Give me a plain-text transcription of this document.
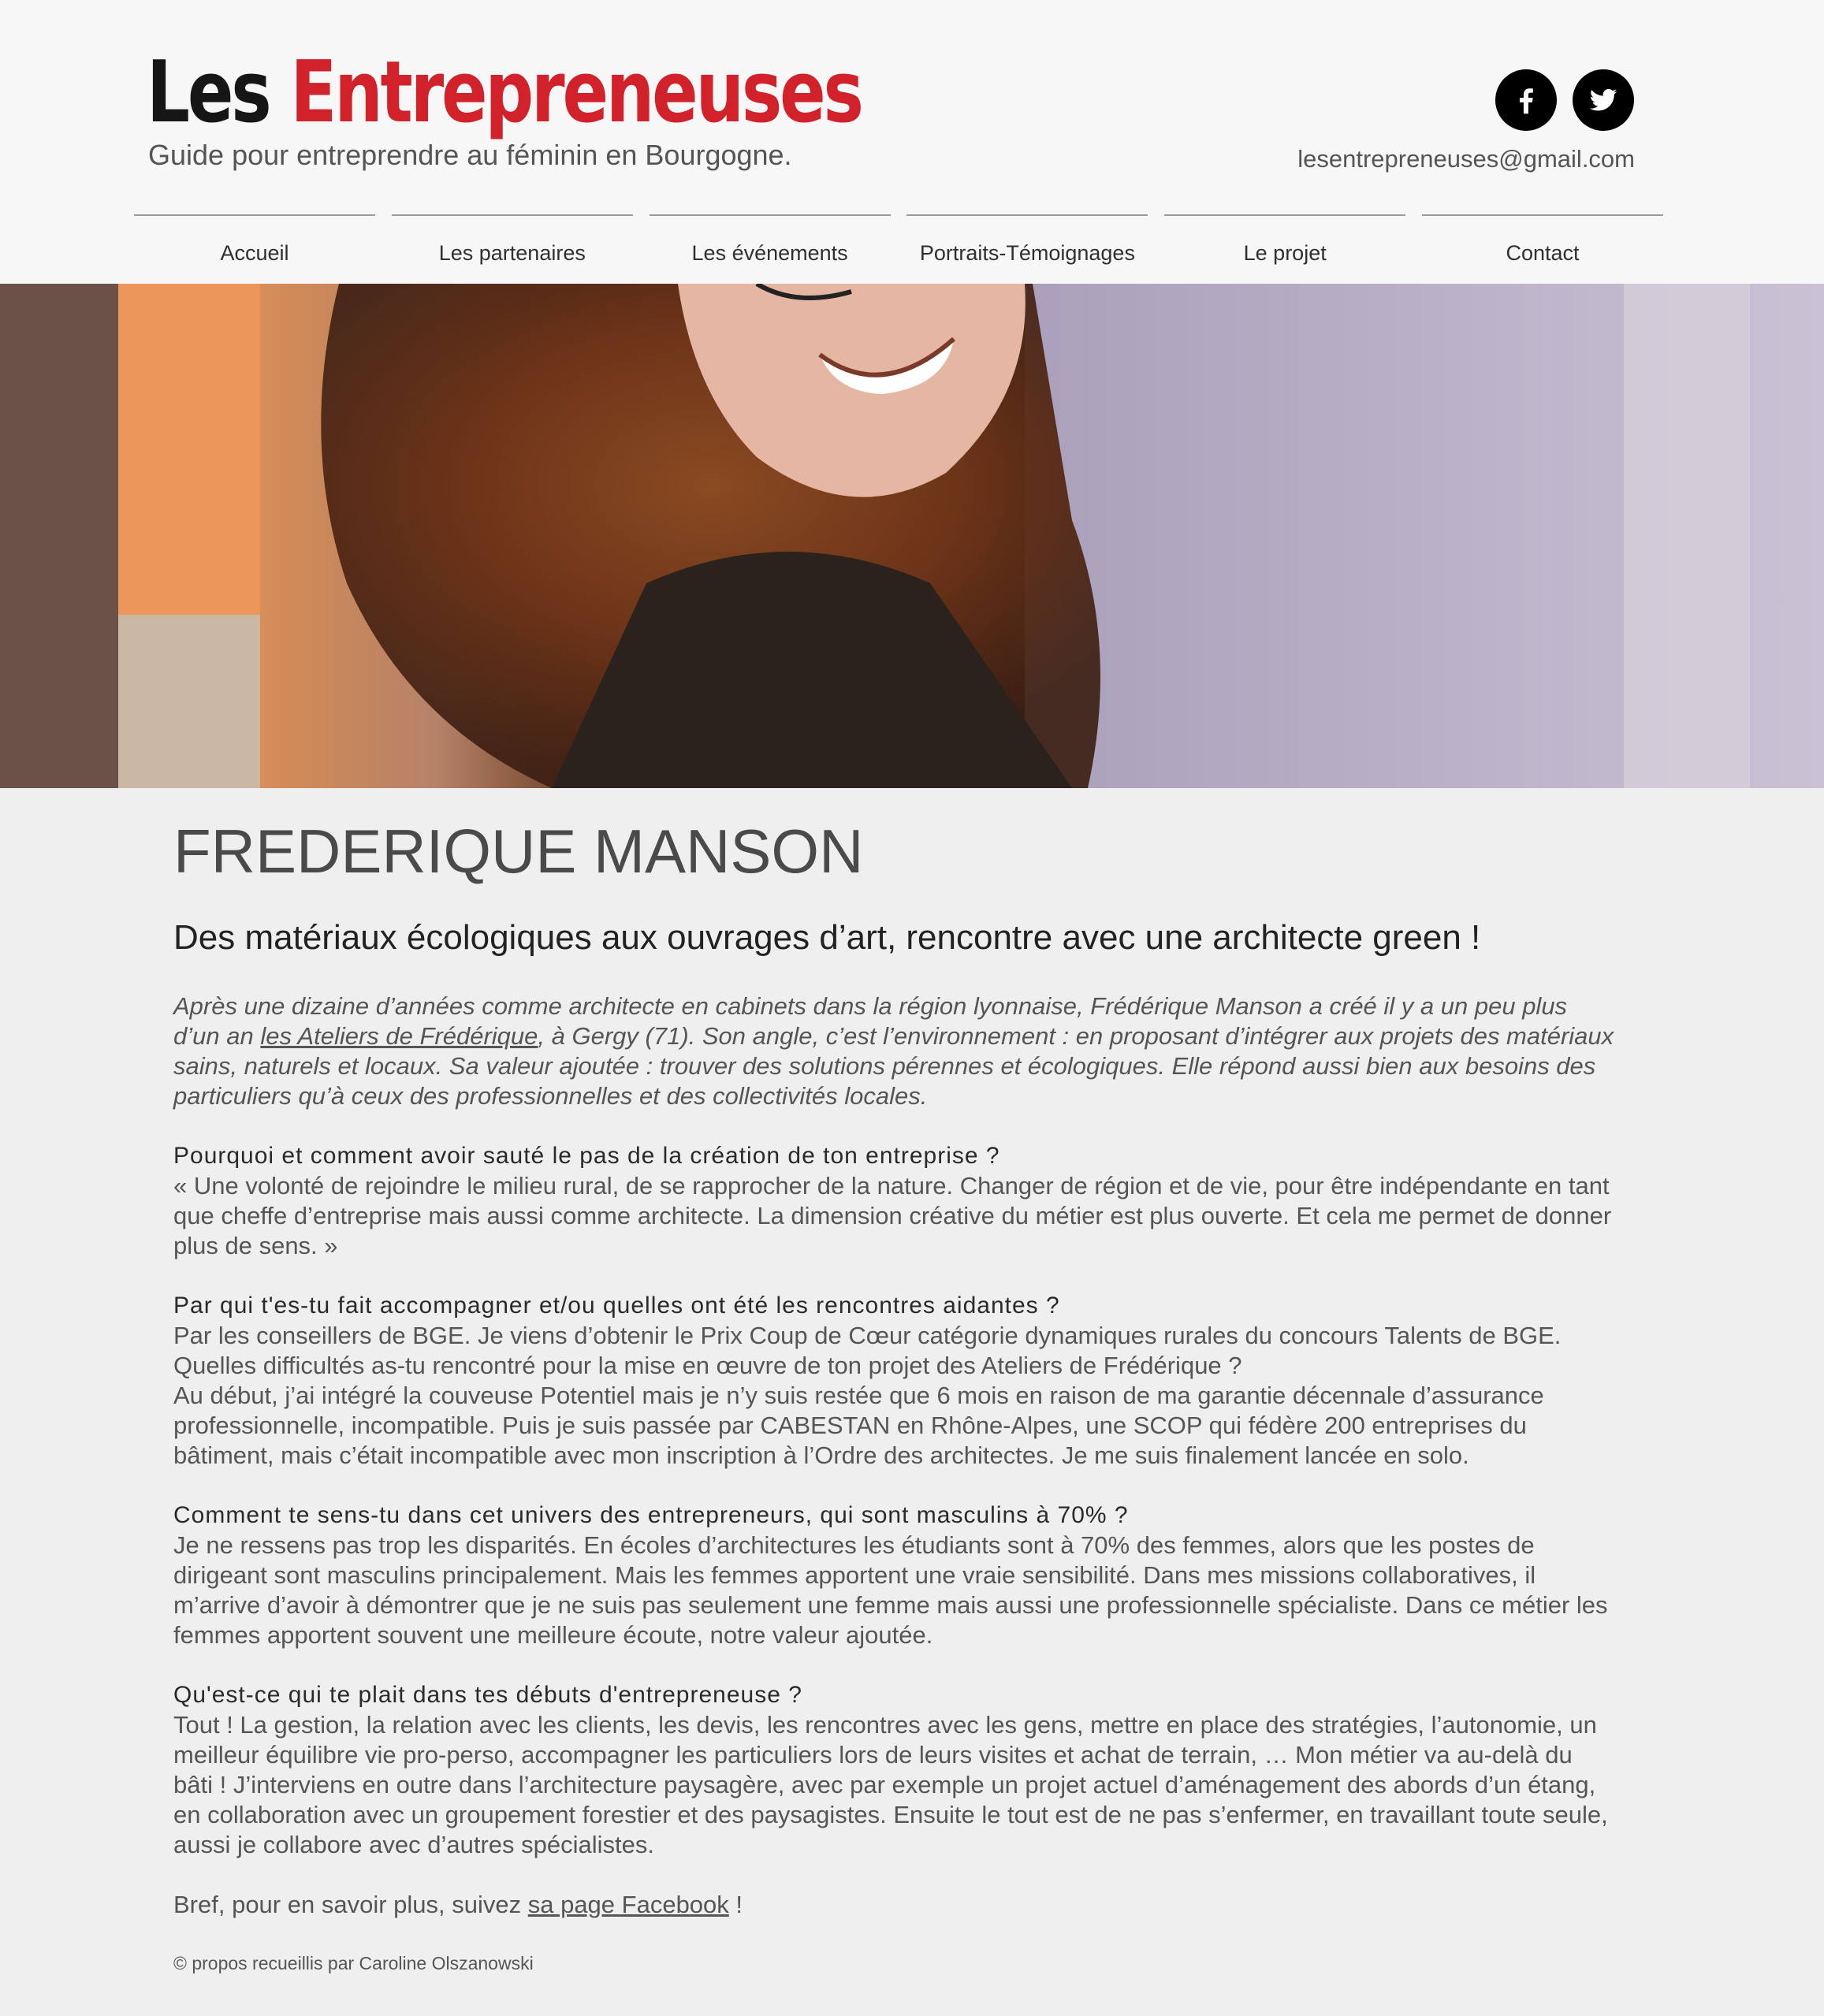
Les Entrepreneuses
Guide pour entreprendre au féminin en Bourgogne.	lesentrepreneuses@gmail.com
Accueil	Les partenaires	Les événements	Portraits-Témoignages	Le projet	Contact
FREDERIQUE MANSON
Des matériaux écologiques aux ouvrages d’art, rencontre avec une architecte green !
Après une dizaine d’années comme architecte en cabinets dans la région lyonnaise, Frédérique Manson a créé il y a un peu plus d’un an les Ateliers de Frédérique, à Gergy (71). Son angle, c’est l’environnement : en proposant d’intégrer aux projets des matériaux sains, naturels et locaux. Sa valeur ajoutée : trouver des solutions pérennes et écologiques. Elle répond aussi bien aux besoins des particuliers qu’à ceux des professionnelles et des collectivités locales.
Pourquoi et comment avoir sauté le pas de la création de ton entreprise ?
« Une volonté de rejoindre le milieu rural, de se rapprocher de la nature. Changer de région et de vie, pour être indépendante en tant que cheffe d’entreprise mais aussi comme architecte. La dimension créative du métier est plus ouverte. Et cela me permet de donner plus de sens. »
Par qui t'es-tu fait accompagner et/ou quelles ont été les rencontres aidantes ?
Par les conseillers de BGE. Je viens d’obtenir le Prix Coup de Cœur catégorie dynamiques rurales du concours Talents de BGE.
Quelles difficultés as-tu rencontré pour la mise en œuvre de ton projet des Ateliers de Frédérique ?
Au début, j’ai intégré la couveuse Potentiel mais je n’y suis restée que 6 mois en raison de ma garantie décennale d’assurance professionnelle, incompatible. Puis je suis passée par CABESTAN en Rhône-Alpes, une SCOP qui fédère 200 entreprises du bâtiment, mais c’était incompatible avec mon inscription à l’Ordre des architectes. Je me suis finalement lancée en solo.
Comment te sens-tu dans cet univers des entrepreneurs, qui sont masculins à 70% ?
Je ne ressens pas trop les disparités. En écoles d’architectures les étudiants sont à 70% des femmes, alors que les postes de dirigeant sont masculins principalement. Mais les femmes apportent une vraie sensibilité. Dans mes missions collaboratives, il m’arrive d’avoir à démontrer que je ne suis pas seulement une femme mais aussi une professionnelle spécialiste. Dans ce métier les femmes apportent souvent une meilleure écoute, notre valeur ajoutée.
Qu'est-ce qui te plait dans tes débuts d'entrepreneuse ?
Tout ! La gestion, la relation avec les clients, les devis, les rencontres avec les gens, mettre en place des stratégies, l’autonomie, un meilleur équilibre vie pro-perso, accompagner les particuliers lors de leurs visites et achat de terrain, … Mon métier va au-delà du bâti ! J’interviens en outre dans l’architecture paysagère, avec par exemple un projet actuel d’aménagement des abords d’un étang, en collaboration avec un groupement forestier et des paysagistes. Ensuite le tout est de ne pas s’enfermer, en travaillant toute seule, aussi je collabore avec d’autres spécialistes.
Bref, pour en savoir plus, suivez sa page Facebook !
© propos recueillis par Caroline Olszanowski
